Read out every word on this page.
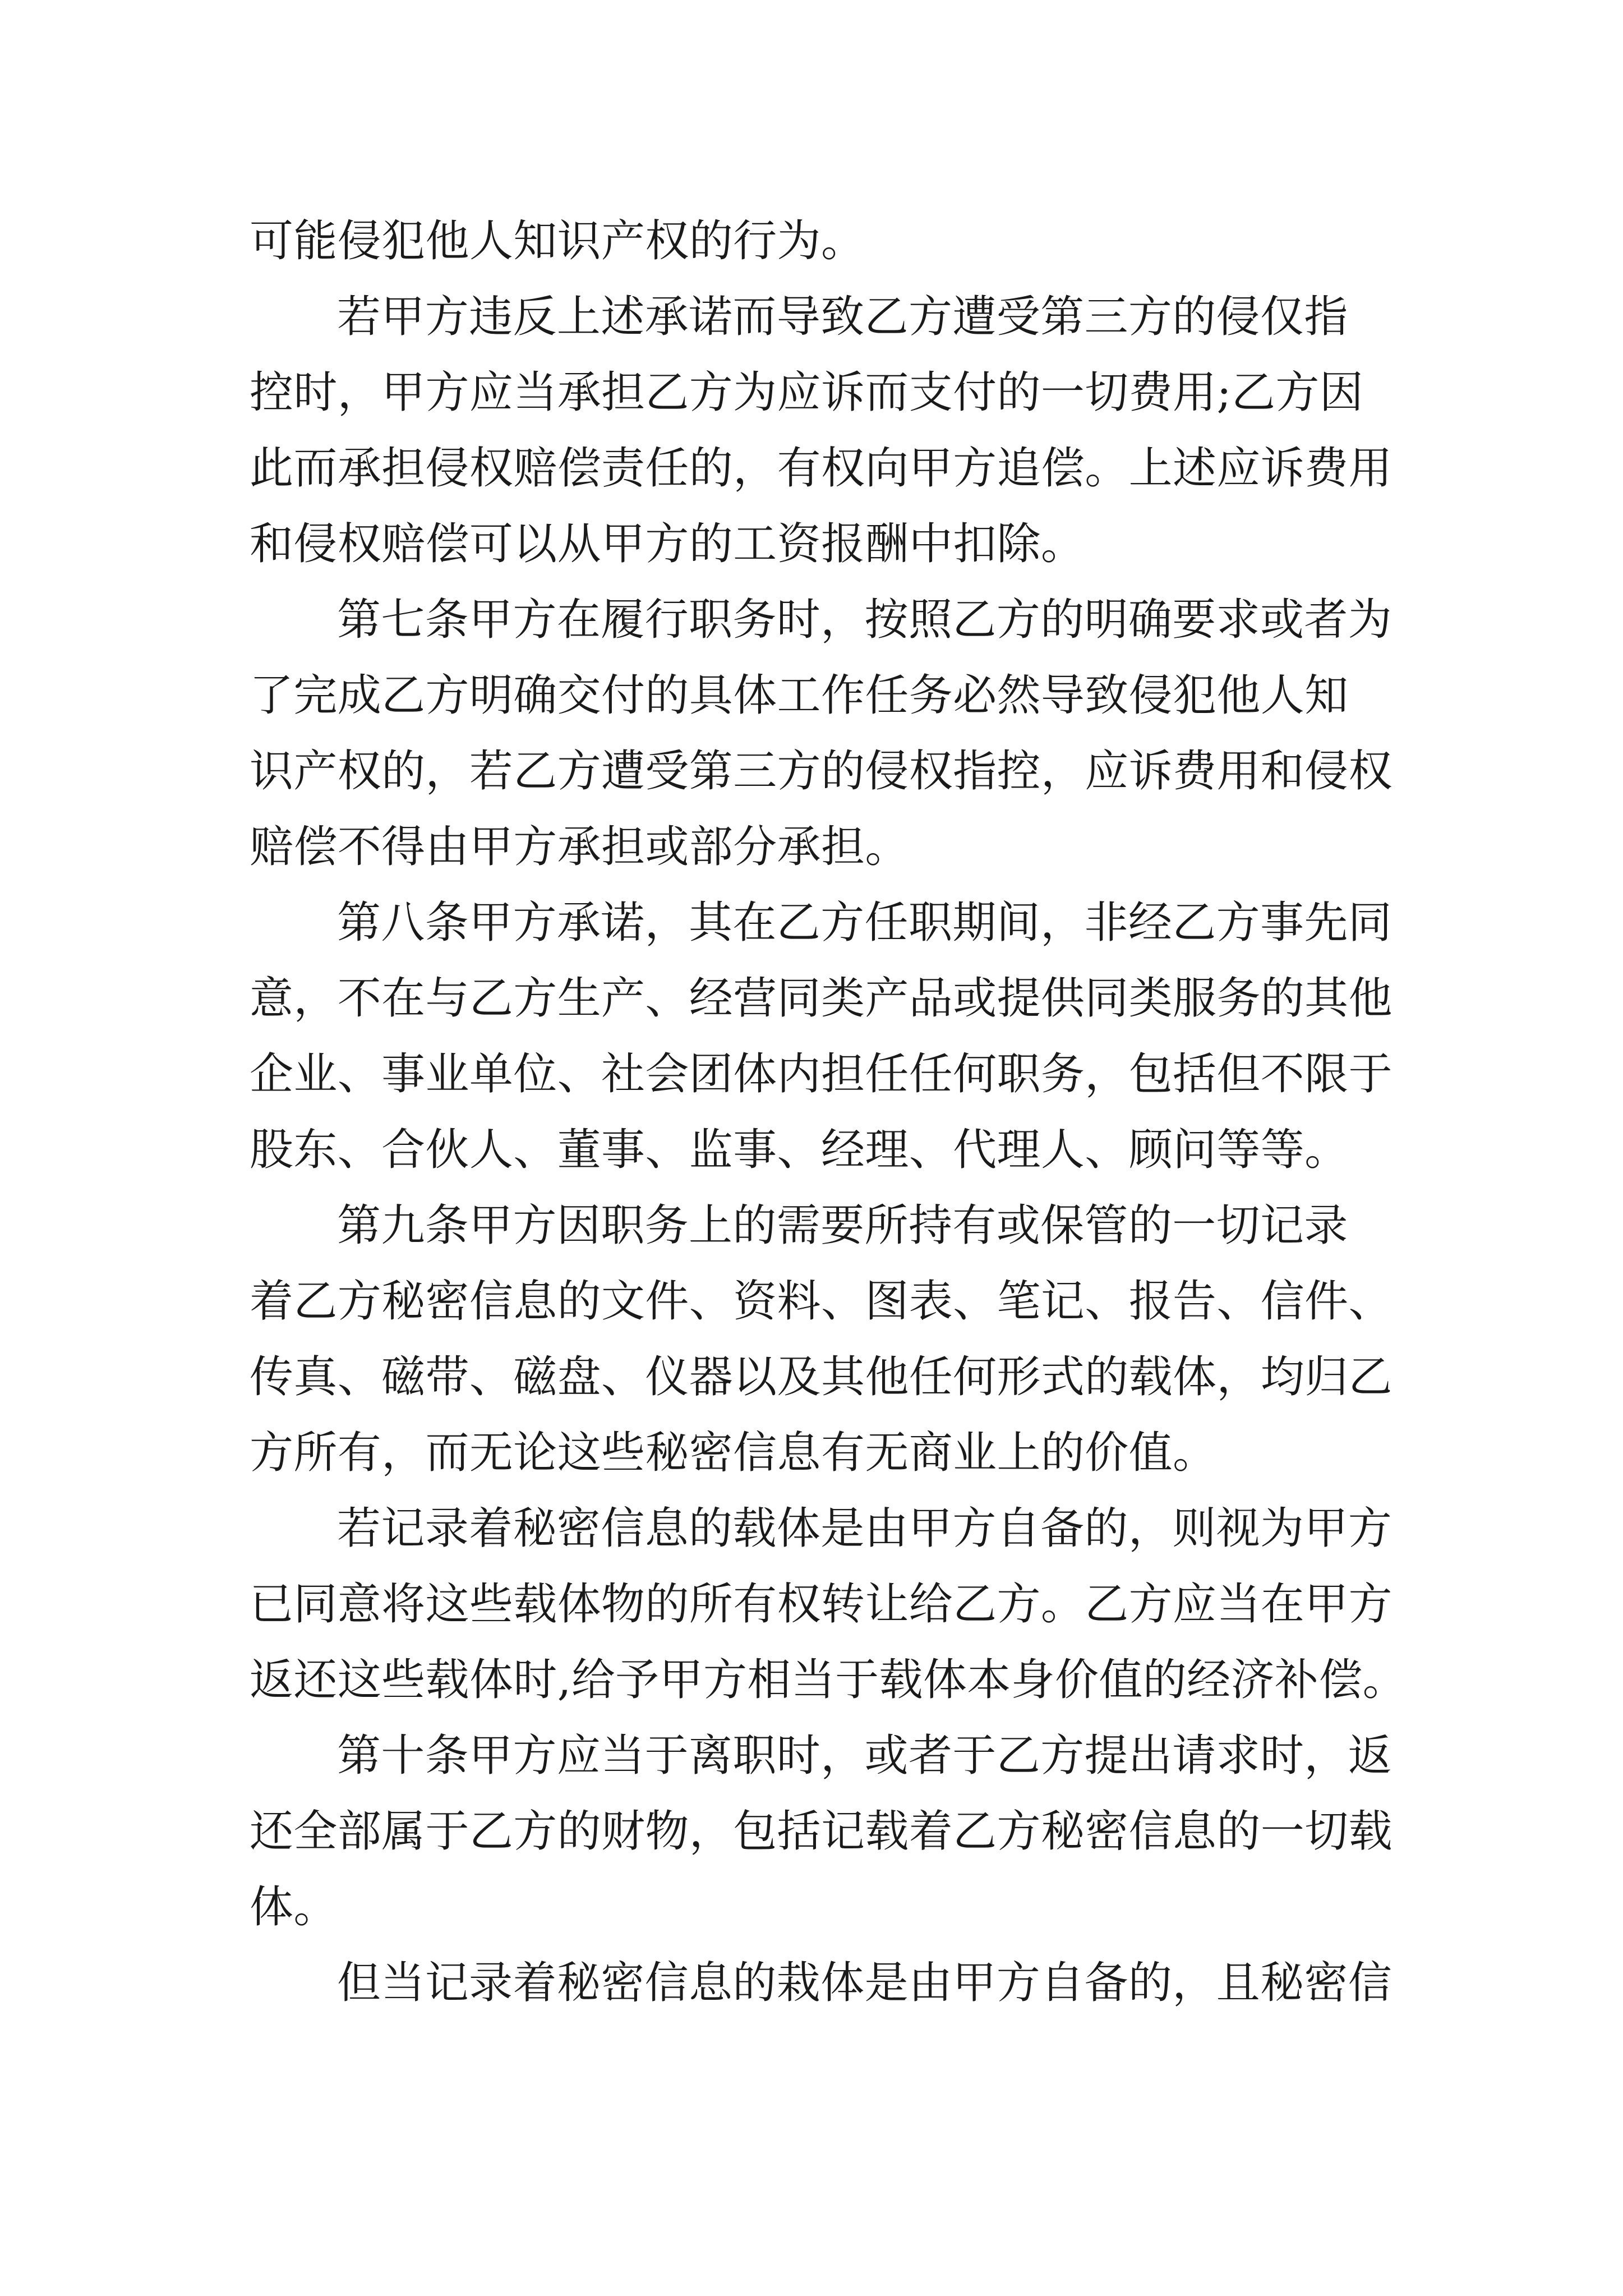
可能侵犯他人知识产权的行为。
若甲方违反上述承诺而导致乙方遭受第三方的侵仅指
控时，甲方应当承担乙方为应诉而支付的一切费用;乙方因
此而承担侵权赔偿责任的，有权向甲方追偿。上述应诉费用
和侵权赔偿可以从甲方的工资报酬中扣除。
第七条甲方在履行职务时，按照乙方的明确要求或者为
了完成乙方明确交付的具体工作任务必然导致侵犯他人知
识产权的，若乙方遭受第三方的侵权指控，应诉费用和侵权
赔偿不得由甲方承担或部分承担。
第八条甲方承诺，其在乙方任职期间，非经乙方事先同
意，不在与乙方生产、经营同类产品或提供同类服务的其他
企业、事业单位、社会团体内担任任何职务，包括但不限于
股东、合伙人、董事、监事、经理、代理人、顾问等等。
第九条甲方因职务上的需要所持有或保管的一切记录
着乙方秘密信息的文件、资料、图表、笔记、报告、信件、
传真、磁带、磁盘、仪器以及其他任何形式的载体，均归乙
方所有，而无论这些秘密信息有无商业上的价值。
若记录着秘密信息的载体是由甲方自备的，则视为甲方
已同意将这些载体物的所有权转让给乙方。乙方应当在甲方
返还这些载体时,给予甲方相当于载体本身价值的经济补偿。
第十条甲方应当于离职时，或者于乙方提出请求时，返
还全部属于乙方的财物，包括记载着乙方秘密信息的一切载
体。
但当记录着秘密信息的栽体是由甲方自备的，且秘密信
